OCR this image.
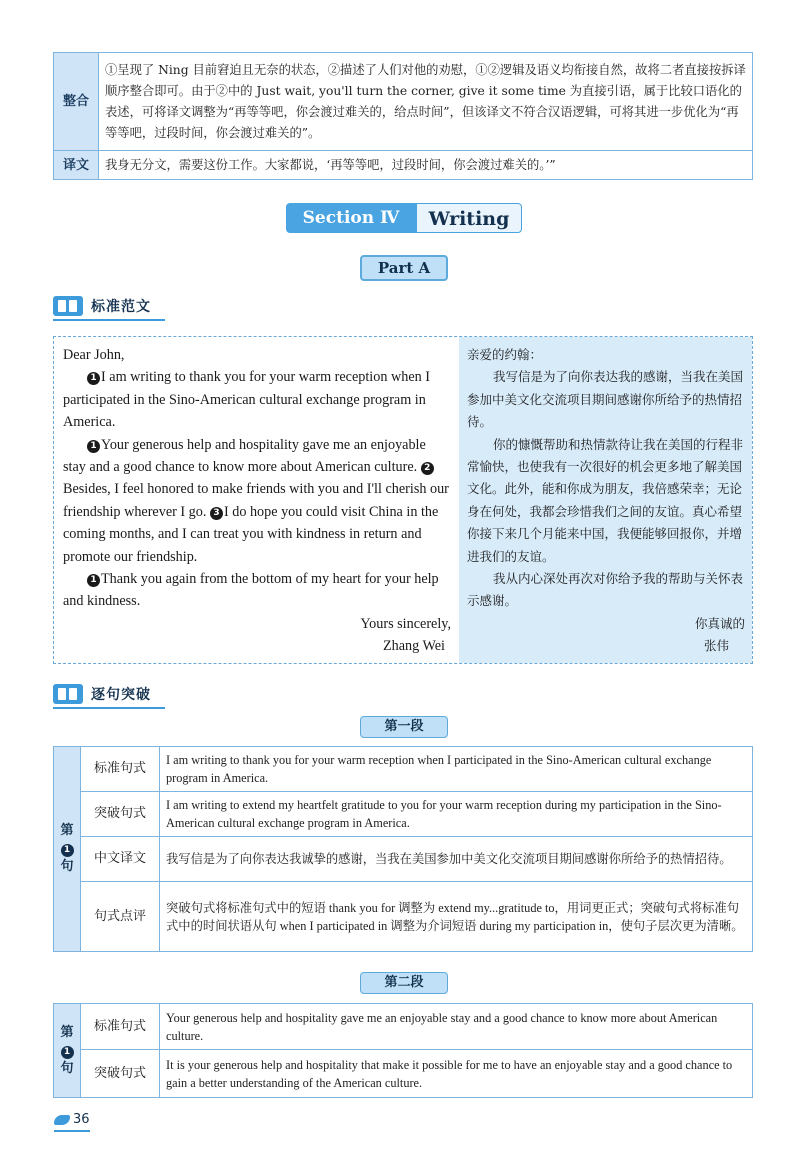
整合	①呈现了 Ning 目前窘迫且无奈的状态，②描述了人们对他的劝慰，①②逻辑及语义均衔接自然，故将二者直接按拆译顺序整合即可。由于②中的 Just wait, you'll turn the corner, give it some time 为直接引语，属于比较口语化的表述，可将译文调整为“再等等吧，你会渡过难关的，给点时间”，但该译文不符合汉语逻辑，可将其进一步优化为“再等等吧，过段时间，你会渡过难关的”。
译文	我身无分文，需要这份工作。大家都说，‘再等等吧，过段时间，你会渡过难关的。’”
Section Ⅳ	Writing
Part A
标准范文

Dear John,

1 I am writing to thank you for your warm reception when I participated in the Sino-American cultural exchange program in America.

1 Your generous help and hospitality gave me an enjoyable stay and a good chance to know more about American culture. 2Besides, I feel honored to make friends with you and I'll cherish our friendship wherever I go. 3 I do hope you could visit China in the coming months, and I can treat you with kindness in return and promote our friendship.

1 Thank you again from the bottom of my heart for your help and kindness.

Yours sincerely,

Zhang Wei

亲爱的约翰：

我写信是为了向你表达我的感谢，当我在美国参加中美文化交流项目期间感谢你所给予的热情招待。

你的慷慨帮助和热情款待让我在美国的行程非常愉快，也使我有一次很好的机会更多地了解美国文化。此外，能和你成为朋友，我倍感荣幸；无论身在何处，我都会珍惜我们之间的友谊。真心希望你接下来几个月能来中国，我便能够回报你，并增进我们的友谊。

我从内心深处再次对你给予我的帮助与关怀表示感谢。

你真诚的

张伟

逐句突破
第一段
第
1
句	标准句式	I am writing to thank you for your warm reception when I participated in the Sino-American cultural exchange program in America.
	突破句式	I am writing to extend my heartfelt gratitude to you for your warm reception during my participation in the Sino-American cultural exchange program in America.
	中文译文	我写信是为了向你表达我诚挚的感谢，当我在美国参加中美文化交流项目期间感谢你所给予的热情招待。
	句式点评	突破句式将标准句式中的短语 thank you for 调整为 extend my...gratitude to，用词更正式；突破句式将标准句式中的时间状语从句 when I participated in 调整为介词短语 during my participation in，使句子层次更为清晰。
第二段
第
1
句	标准句式	Your generous help and hospitality gave me an enjoyable stay and a good chance to know more about American culture.
	突破句式	It is your generous help and hospitality that make it possible for me to have an enjoyable stay and a good chance to gain a better understanding of the American culture.
36
